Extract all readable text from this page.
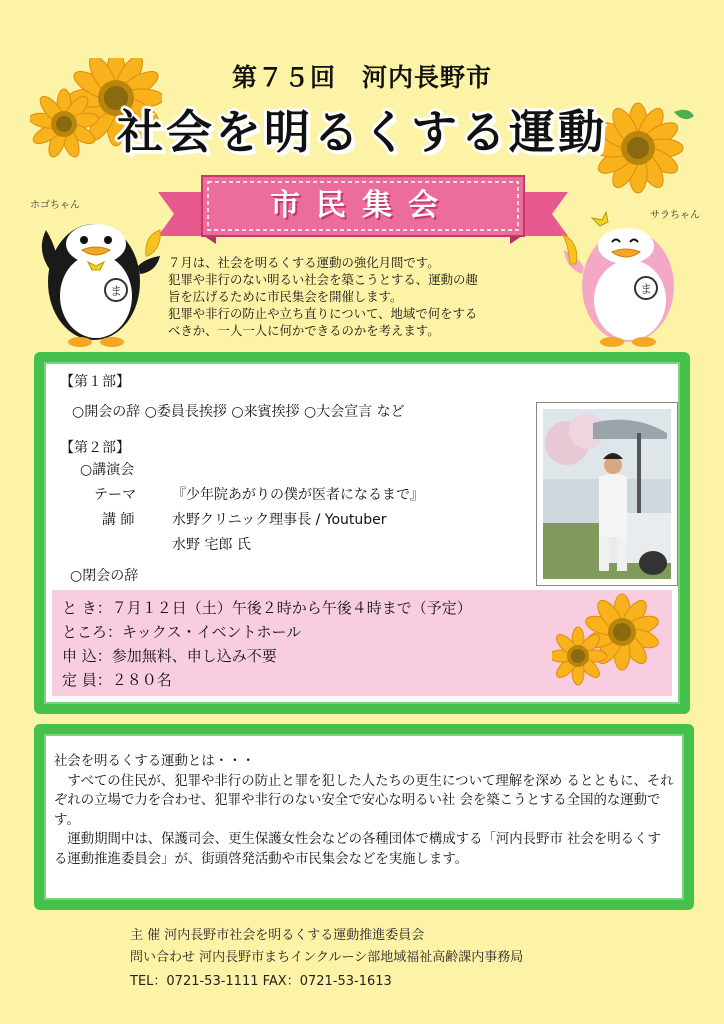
第７５回　河内長野市
社会を明るくする運動
市民集会
ホゴちゃん
ま
サラちゃん
ま
７月は、社会を明るくする運動の強化月間です。
犯罪や非行のない明るい社会を築こうとする、運動の趣
旨を広げるために市民集会を開催します。
犯罪や非行の防止や立ち直りについて、地域で何をする
べきか、一人一人に何かできるのかを考えます。
【第１部】
○開会の辞 ○委員長挨拶 ○来賓挨拶 ○大会宣言 など
【第２部】
○講演会
テーマ	『少年院あがりの僕が医者になるまで』
講 師	水野クリニック理事長 / Youtuber
水野 宅郎 氏
○閉会の辞
と き：７月１２日（土）午後２時から午後４時まで（予定）
ところ：キックス・イベントホール
申 込：参加無料、申し込み不要
定 員：２８０名

社会を明るくする運動とは・・・

　すべての住民が、犯罪や非行の防止と罪を犯した人たちの更生について理解を深め るとともに、それぞれの立場で力を合わせ、犯罪や非行のない安全で安心な明るい社 会を築こうとする全国的な運動です。

　運動期間中は、保護司会、更生保護女性会などの各種団体で構成する「河内長野市 社会を明るくする運動推進委員会」が、街頭啓発活動や市民集会などを実施します。

主 催 河内長野市社会を明るくする運動推進委員会
問い合わせ 河内長野市まちインクルーシ部地域福祉高齢課内事務局
TEL：0721-53-1111 FAX：0721-53-1613
